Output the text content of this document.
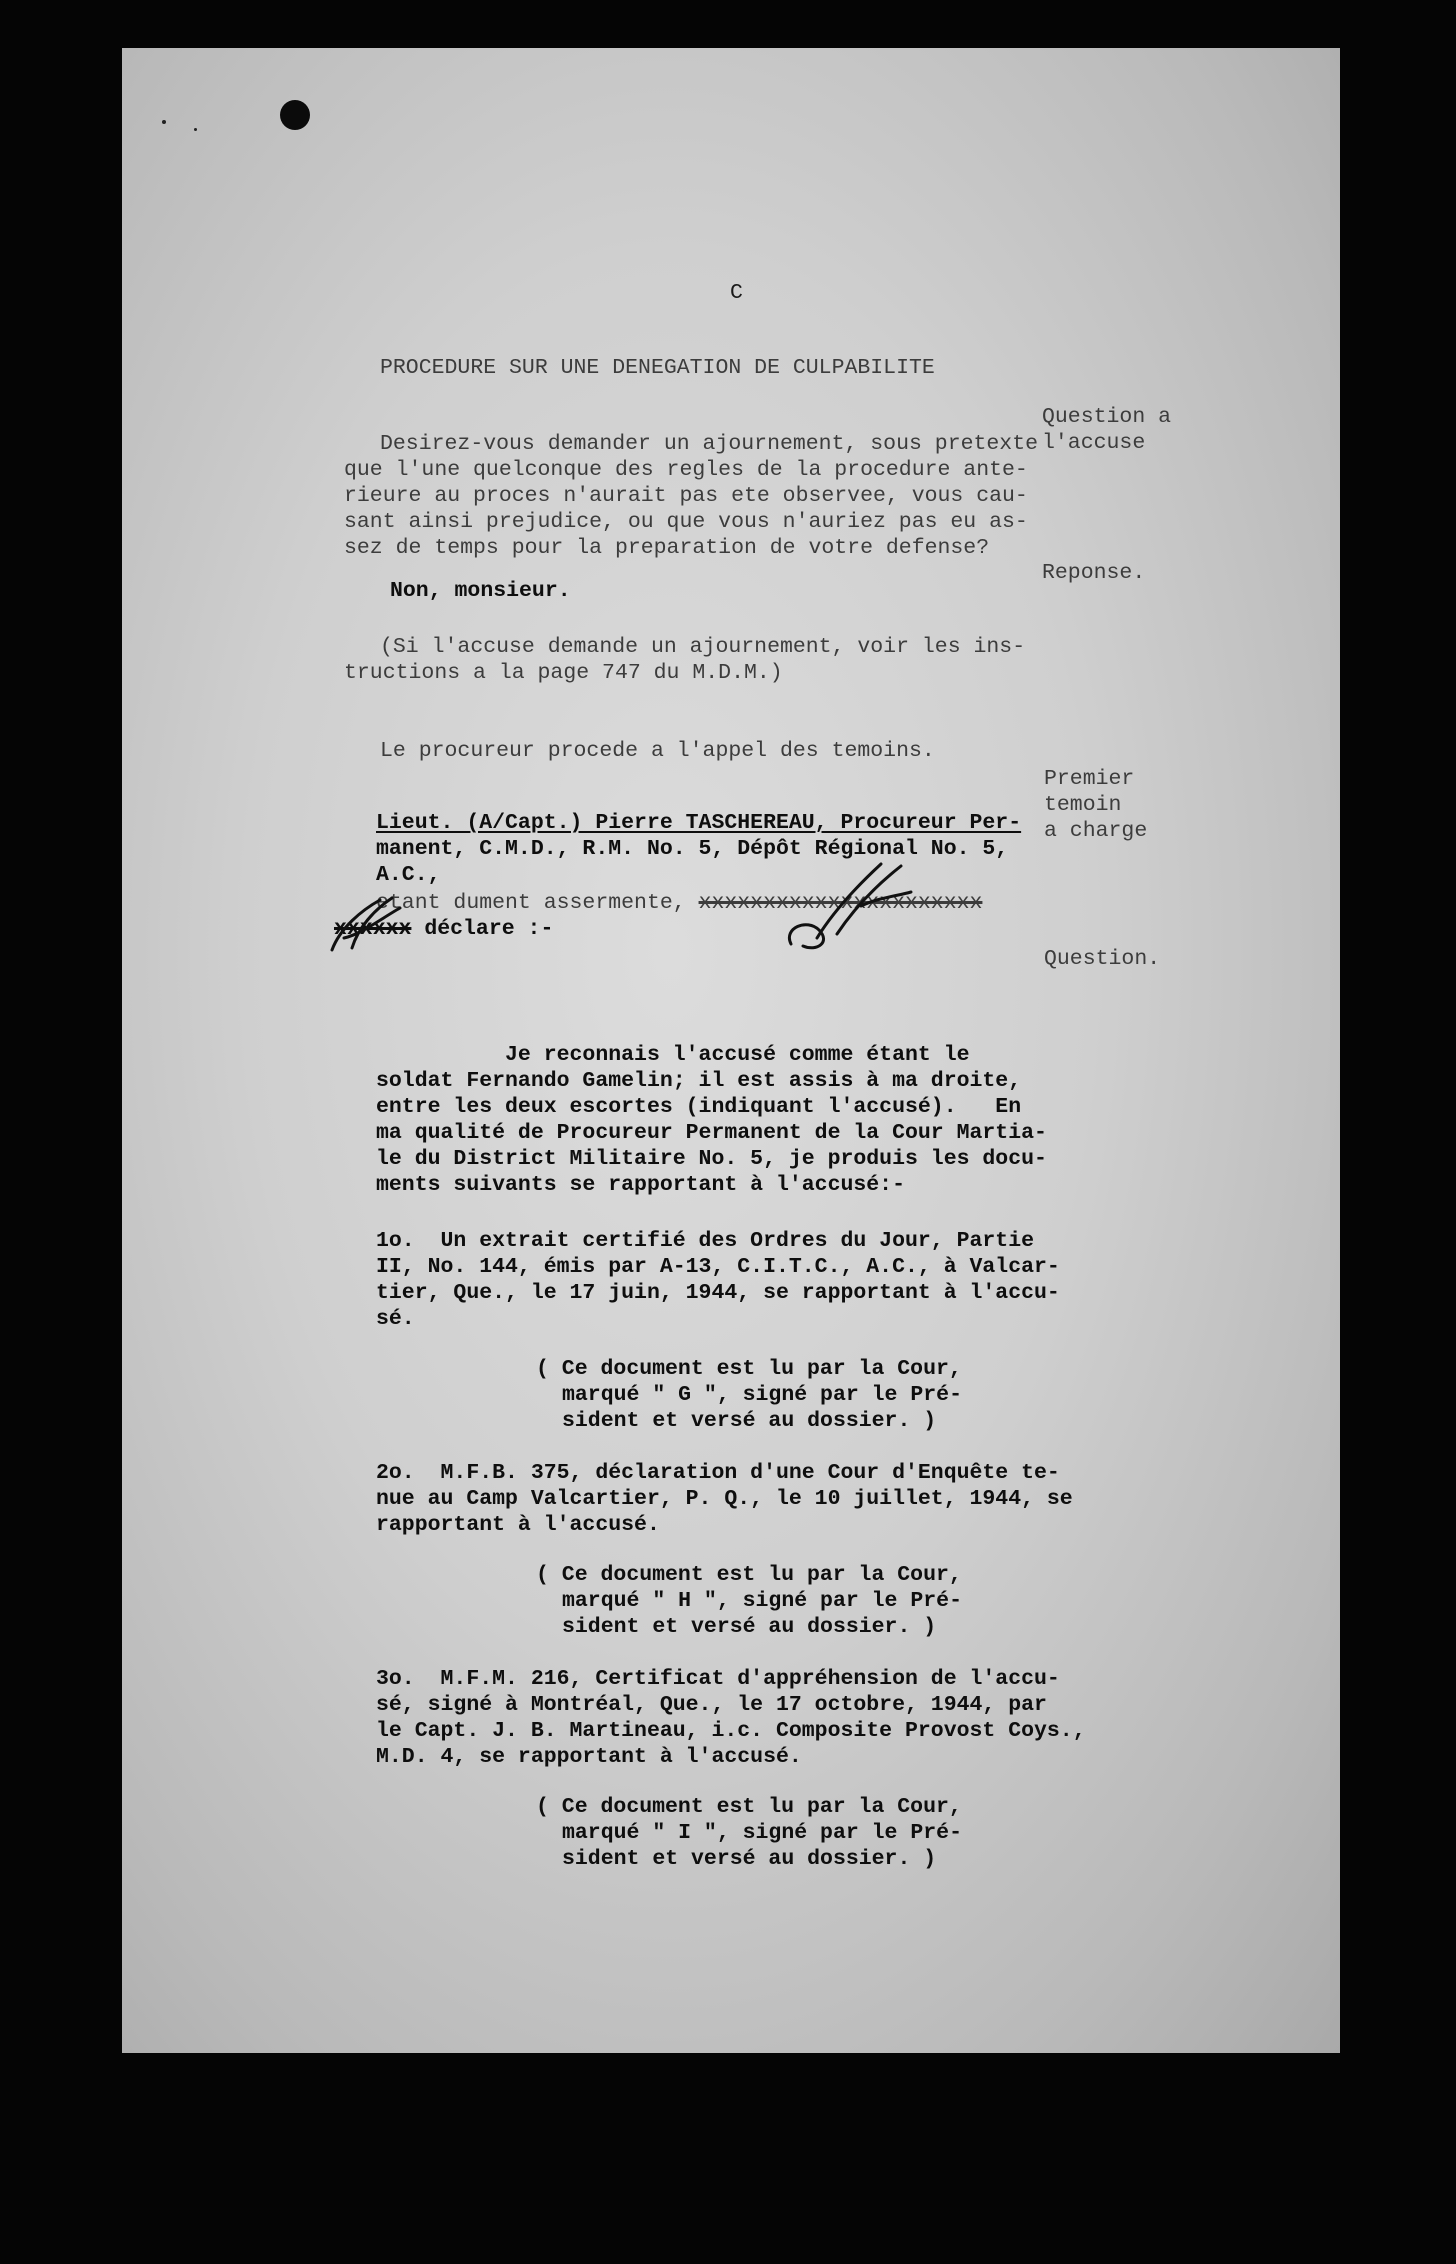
C
PROCEDURE SUR UNE DENEGATION DE CULPABILITE
Question a
l'accuse
Reponse.
Premier
temoin
a charge
Question.
Desirez-vous demander un ajournement, sous pretexte
que l'une quelconque des regles de la procedure ante-
rieure au proces n'aurait pas ete observee, vous cau-
sant ainsi prejudice, ou que vous n'auriez pas eu as-
sez de temps pour la preparation de votre defense?
Non, monsieur.
(Si l'accuse demande un ajournement, voir les ins-
tructions a la page 747 du M.D.M.)
Le procureur procede a l'appel des temoins.
Lieut. (A/Capt.) Pierre TASCHEREAU, Procureur Per-
manent, C.M.D., R.M. No. 5, Dépôt Régional No. 5,
A.C.,
etant dument assermente, xxxxxxxxxxxxxxxxxxxxxx
xxxxxx déclare :-
Je reconnais l'accusé comme étant le
soldat Fernando Gamelin; il est assis à ma droite,
entre les deux escortes (indiquant l'accusé).   En
ma qualité de Procureur Permanent de la Cour Martia-
le du District Militaire No. 5, je produis les docu-
ments suivants se rapportant à l'accusé:-
1o.  Un extrait certifié des Ordres du Jour, Partie
II, No. 144, émis par A-13, C.I.T.C., A.C., à Valcar-
tier, Que., le 17 juin, 1944, se rapportant à l'accu-
sé.
( Ce document est lu par la Cour,
marqué " G ", signé par le Pré-
sident et versé au dossier. )
2o.  M.F.B. 375, déclaration d'une Cour d'Enquête te-
nue au Camp Valcartier, P. Q., le 10 juillet, 1944, se
rapportant à l'accusé.
( Ce document est lu par la Cour,
marqué " H ", signé par le Pré-
sident et versé au dossier. )
3o.  M.F.M. 216, Certificat d'appréhension de l'accu-
sé, signé à Montréal, Que., le 17 octobre, 1944, par
le Capt. J. B. Martineau, i.c. Composite Provost Coys.,
M.D. 4, se rapportant à l'accusé.
( Ce document est lu par la Cour,
marqué " I ", signé par le Pré-
sident et versé au dossier. )
